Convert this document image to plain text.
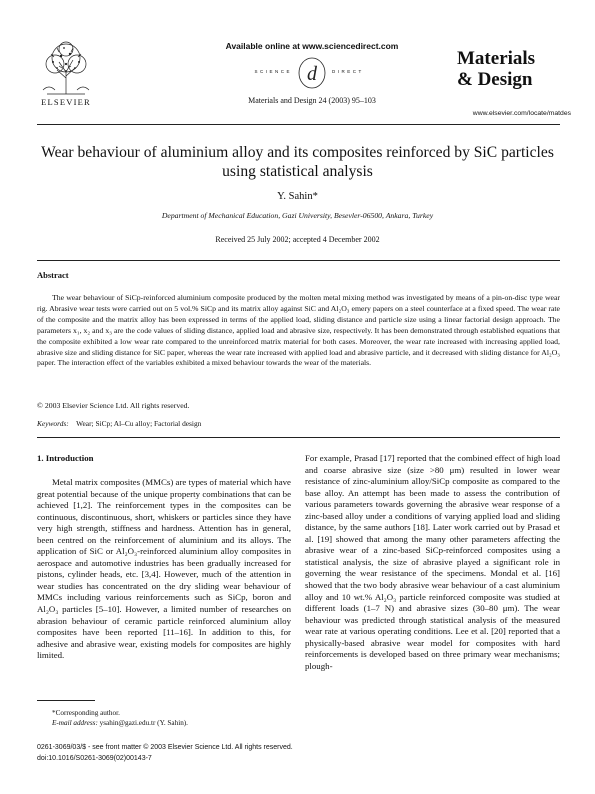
ELSEVIER
Available online at www.sciencedirect.com
SCIENCE d	DIRECT
Materials and Design 24 (2003) 95–103
Materials
& Design
www.elsevier.com/locate/matdes
Wear behaviour of aluminium alloy and its composites reinforced by SiC particles using statistical analysis
Y. Sahin*
Department of Mechanical Education, Gazi University, Besevler-06500, Ankara, Turkey
Received 25 July 2002; accepted 4 December 2002
Abstract
The wear behaviour of SiCp-reinforced aluminium composite produced by the molten metal mixing method was investigated by means of a pin-on-disc type wear rig. Abrasive wear tests were carried out on 5 vol.% SiCp and its matrix alloy against SiC and Al₂O₃ emery papers on a steel counterface at a fixed speed. The wear rate of the composite and the matrix alloy has been expressed in terms of the applied load, sliding distance and particle size using a linear factorial design approach. The parameters x₁, x₂ and x₃ are the code values of sliding distance, applied load and abrasive size, respectively. It has been demonstrated through established equations that the composite exhibited a low wear rate compared to the unreinforced matrix material for both cases. Moreover, the wear rate increased with increasing applied load, abrasive size and sliding distance for SiC paper, whereas the wear rate increased with applied load and abrasive particle, and it decreased with sliding distance for Al₂O₃ paper. The interaction effect of the variables exhibited a mixed behaviour towards the wear of the materials.
© 2003 Elsevier Science Ltd. All rights reserved.
Keywords: Wear; SiCp; Al–Cu alloy; Factorial design
1. Introduction
Metal matrix composites (MMCs) are types of material which have great potential because of the unique property combinations that can be achieved [1,2]. The reinforcement types in the composites can be continuous, discontinuous, short, whiskers or particles since they have very high strength, stiffness and hardness. Attention has in general, been centred on the reinforcement of aluminium and its alloys. The application of SiC or Al₂O₃-reinforced aluminium alloy composites in aerospace and automotive industries has been gradually increased for pistons, cylinder heads, etc. [3,4]. However, much of the attention in wear studies has concentrated on the dry sliding wear behaviour of MMCs including various reinforcements such as SiCp, boron and Al₂O₃ particles [5–10]. However, a limited number of researches on abrasion behaviour of ceramic particle reinforced aluminium alloy composites have been reported [11–16]. In addition to this, for adhesive and abrasive wear, existing models for composites are highly limited.
For example, Prasad [17] reported that the combined effect of high load and coarse abrasive size (size >80 μm) resulted in lower wear resistance of zinc-aluminium alloy/SiCp composite as compared to the base alloy. An attempt has been made to assess the contribution of various parameters towards governing the abrasive wear response of a zinc-based alloy under a conditions of varying applied load and sliding distance, by the same authors [18]. Later work carried out by Prasad et al. [19] showed that among the many other parameters affecting the abrasive wear of a zinc-based SiCp-reinforced composites using a statistical analysis, the size of abrasive played a significant role in governing the wear resistance of the specimens. Mondal et al. [16] showed that the two body abrasive wear behaviour of a cast aluminium alloy and 10 wt.% Al₂O₃ particle reinforced composite was studied at different loads (1–7 N) and abrasive sizes (30–80 μm). The wear behaviour was predicted through statistical analysis of the measured wear rate at various operating conditions. Lee et al. [20] reported that a physically-based abrasive wear model for composites with hard reinforcements is developed based on three primary wear mechanisms; plough-
*Corresponding author.
E-mail address: ysahin@gazi.edu.tr (Y. Sahin).
0261-3069/03/$ - see front matter © 2003 Elsevier Science Ltd. All rights reserved.
doi:10.1016/S0261-3069(02)00143-7
